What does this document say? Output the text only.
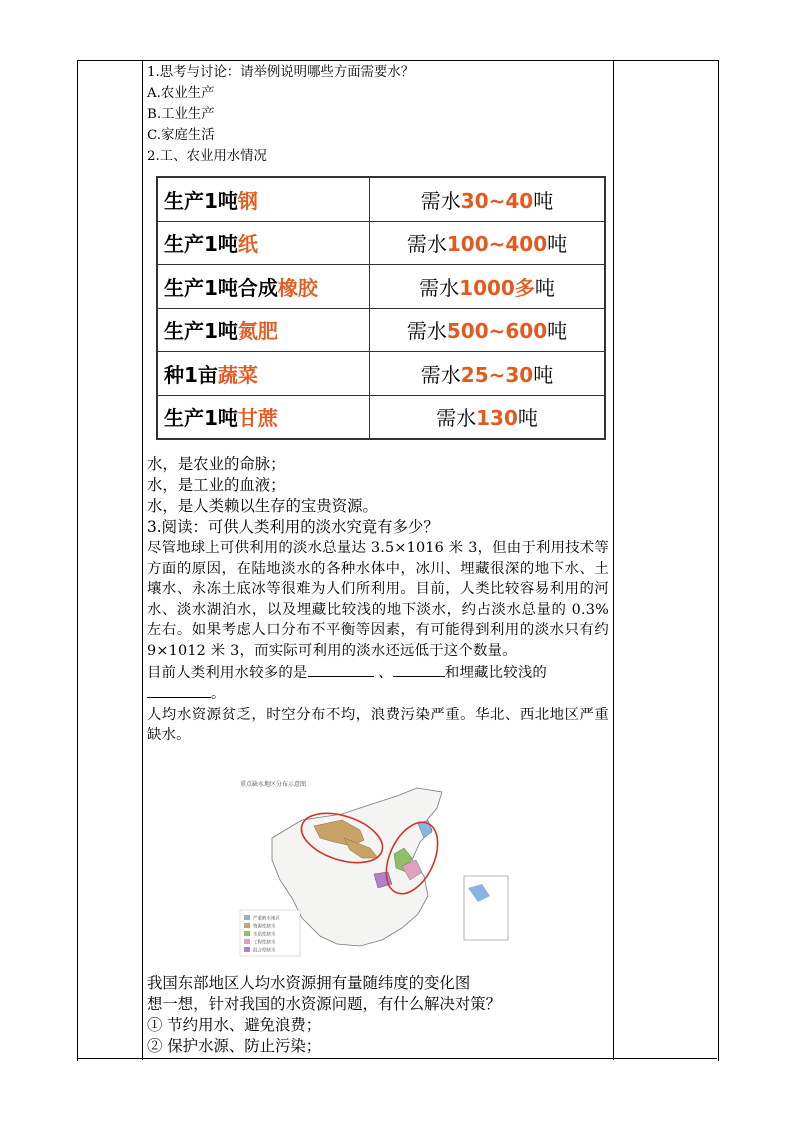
1.思考与讨论：请举例说明哪些方面需要水？
A.农业生产
B.工业生产
C.家庭生活
2.工、农业用水情况
生产1吨钢	需水30~40吨
生产1吨纸	需水100~400吨
生产1吨合成橡胶	需水1000多吨
生产1吨氮肥	需水500~600吨
种1亩蔬菜	需水25~30吨
生产1吨甘蔗	需水130吨
水，是农业的命脉；
水，是工业的血液；
水，是人类赖以生存的宝贵资源。
3.阅读：可供人类利用的淡水究竟有多少？
尽管地球上可供利用的淡水总量达 3.5×1016 米 3，但由于利用技术等方面的原因，在陆地淡水的各种水体中，冰川、埋藏很深的地下水、土壤水、永冻土底冰等很难为人们所利用。目前，人类比较容易利用的河水、淡水湖泊水，以及埋藏比较浅的地下淡水，约占淡水总量的 0.3%左右。如果考虑人口分布不平衡等因素，有可能得到利用的淡水只有约 9×1012 米 3，而实际可利用的淡水还远低于这个数量。
目前人类利用水较多的是	、	和埋藏比较浅的
。
人均水资源贫乏，时空分布不均，浪费污染严重。华北、西北地区严重缺水。
重点缺水地区分布示意图
严重缺水地区
资源性缺水
水质性缺水
工程性缺水
混合型缺水
我国东部地区人均水资源拥有量随纬度的变化图
想一想，针对我国的水资源问题，有什么解决对策？
① 节约用水、避免浪费；
② 保护水源、防止污染；
